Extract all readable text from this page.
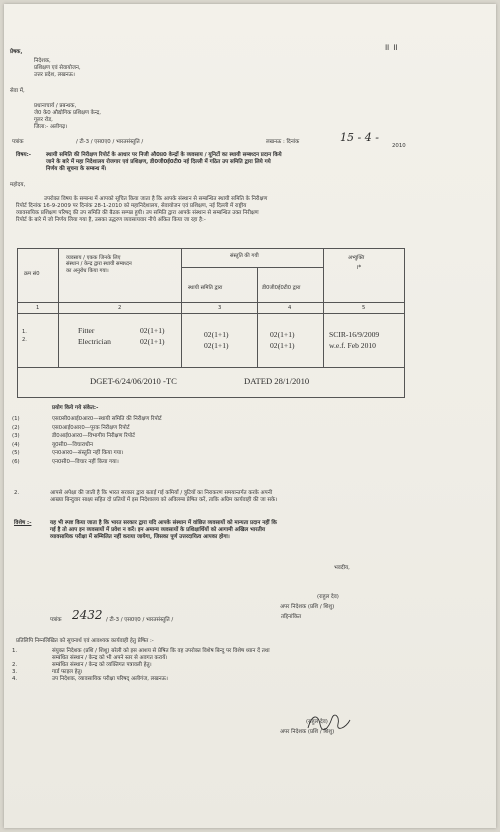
॥ ॥
प्रेषक,
निदेशक,
प्रशिक्षण एवं सेवायोजन,
उत्तर प्रदेश, लखनऊ।
सेवा में,
प्रधानाचार्य / प्रबन्धक,
जे0 के0 औद्योगिक प्रशिक्षण केन्द्र,
गूलर रोड,
जिला:- अलीगढ़।
पत्रांक	/ टी-3 / एस0ए0 / भारतसंस्तुति /	लखनऊ : दिनांक	15 - 4 -
2010
विषय:-	स्थायी समिति की निरीक्षण रिपोर्ट के आधार पर निजी औ0प्र0 केन्द्रों के व्यवसाय / यूनिटों का स्थायी सम्बध्दन प्रदान किये
जाने के बारे में महा निदेशालय रोजगार एवं प्रशिक्षण, डी0जी0ई0टी0 नई दिल्ली में गठित उप समिति द्वारा लिये गये
निर्णय की सूचना के सम्बन्ध में।
महोदय,
उपरोक्त विषय के सम्बन्ध में आपको सूचित किया जाता है कि आपके संस्थान से सम्बन्धित स्थायी समिति के निरीक्षण
रिपोर्ट दिनांक 16-9-2009 पर दिनांक 28-1-2010 को महानिदेशालय, सेवायोजन एवं प्रशिक्षण, नई दिल्ली में राष्ट्रीय
व्यावसायिक प्रशिक्षण परिषद् की उप समिति की बैठक सम्पन्न हुयी। उप समिति द्वारा आपके संस्थान से सम्बन्धित उक्त निरीक्षण
रिपोर्ट के बारे में जो निर्णय लिया गया है, उसका उद्धरण व्यवसायवार नीचे अंकित किया जा रहा है:-
क्रम सं0
व्यवसाय / एकक जिनके लिए
संस्थान / केन्द्र द्वारा स्थायी सम्बध्दन
का अनुरोध किया गया।
संस्तुति की गयी
स्थायी समिति द्वारा	डी0जी0ई0टी0 द्वारा
अभ्युक्ति
।*
1	2	3	4	5
1.	Fitter	02(1+1)	02(1+1)	02(1+1)	SCIR-16/9/2009
2.	Electrician	02(1+1)	02(1+1)	02(1+1)	w.e.f. Feb 2010
DGET-6/24/06/2010 -TC	DATED 28/1/2010
प्रयोग किये गये संकेत:-
(1)	एस0सी0आई0आर0—स्थायी समिति की निरीक्षण रिपोर्ट
(2)	एस0आई0आर0—पूरक निरीक्षण रिपोर्ट
(3)	डी0आई0आर0—विभागीय निरीक्षण रिपोर्ट
(4)	यू0सी0—विचाराधीन
(5)	एन0आर0—संस्तुति नहीं किया गया।
(6)	एन0सी0—विचार नहीं किया गया।
2.	आपसे अपेक्षा की जाती है कि भारत सरकार द्वारा बताई गई कमियाँ / त्रुटियों का निराकरण समयान्तर्गत करके अपनी
आख्या बिन्दुवार साक्ष्य सहित दो प्रतियों में इस निदेशालय को अविलम्ब प्रेषित करें, ताकि अग्रिम कार्यवाही की जा सके।
विशेष :-	यह भी स्पष्ट किया जाता है कि भारत सरकार द्वारा यदि आपके संस्थान में वांछित व्यवसायों को मान्यता प्रदान नहीं कि
गई है तो आप इन व्यवसायों में प्रवेश न करें। इन अमान्य व्यवसायों के प्रशिक्षार्थियों को आगामी अखिल भारतीय
व्यावसायिक परीक्षा में सम्मिलित नहीं कराया जायेगा, जिसका पूर्ण उत्तरदायित्व आपका होगा।
भवदीय,
(राहुल देव)
अपर निदेशक (प्रशि / शिशु)
तद्दिनांकित
पत्रांक 2432 / टी-3 / एस0ए0 / भारतसंस्तुति /
प्रतिलिपि निम्नलिखित को सूचनार्थ एवं आवश्यक कार्यवाही हेतु प्रेषित :-
1.	संयुक्त निदेशक (प्रशि / शिशु) बरेली को इस आशय से प्रेषित कि वह उपरोक्त विशेष बिन्दु पर विशेष ध्यान दें तथा
सम्बंधित संस्थान / केन्द्र को भी अपने स्तर से अवगत करायें।
2.	सम्बंधित संस्थान / केन्द्र को व्यक्तिगत पत्रावली हेतु।
3.	गार्ड फाइल हेतु।
4.	उप निदेशक, व्यावसायिक परीक्षा परिषद् अलीगंज, लखनऊ।
(राहुल देव)
अपर निदेशक (प्रशि / शिशु)
